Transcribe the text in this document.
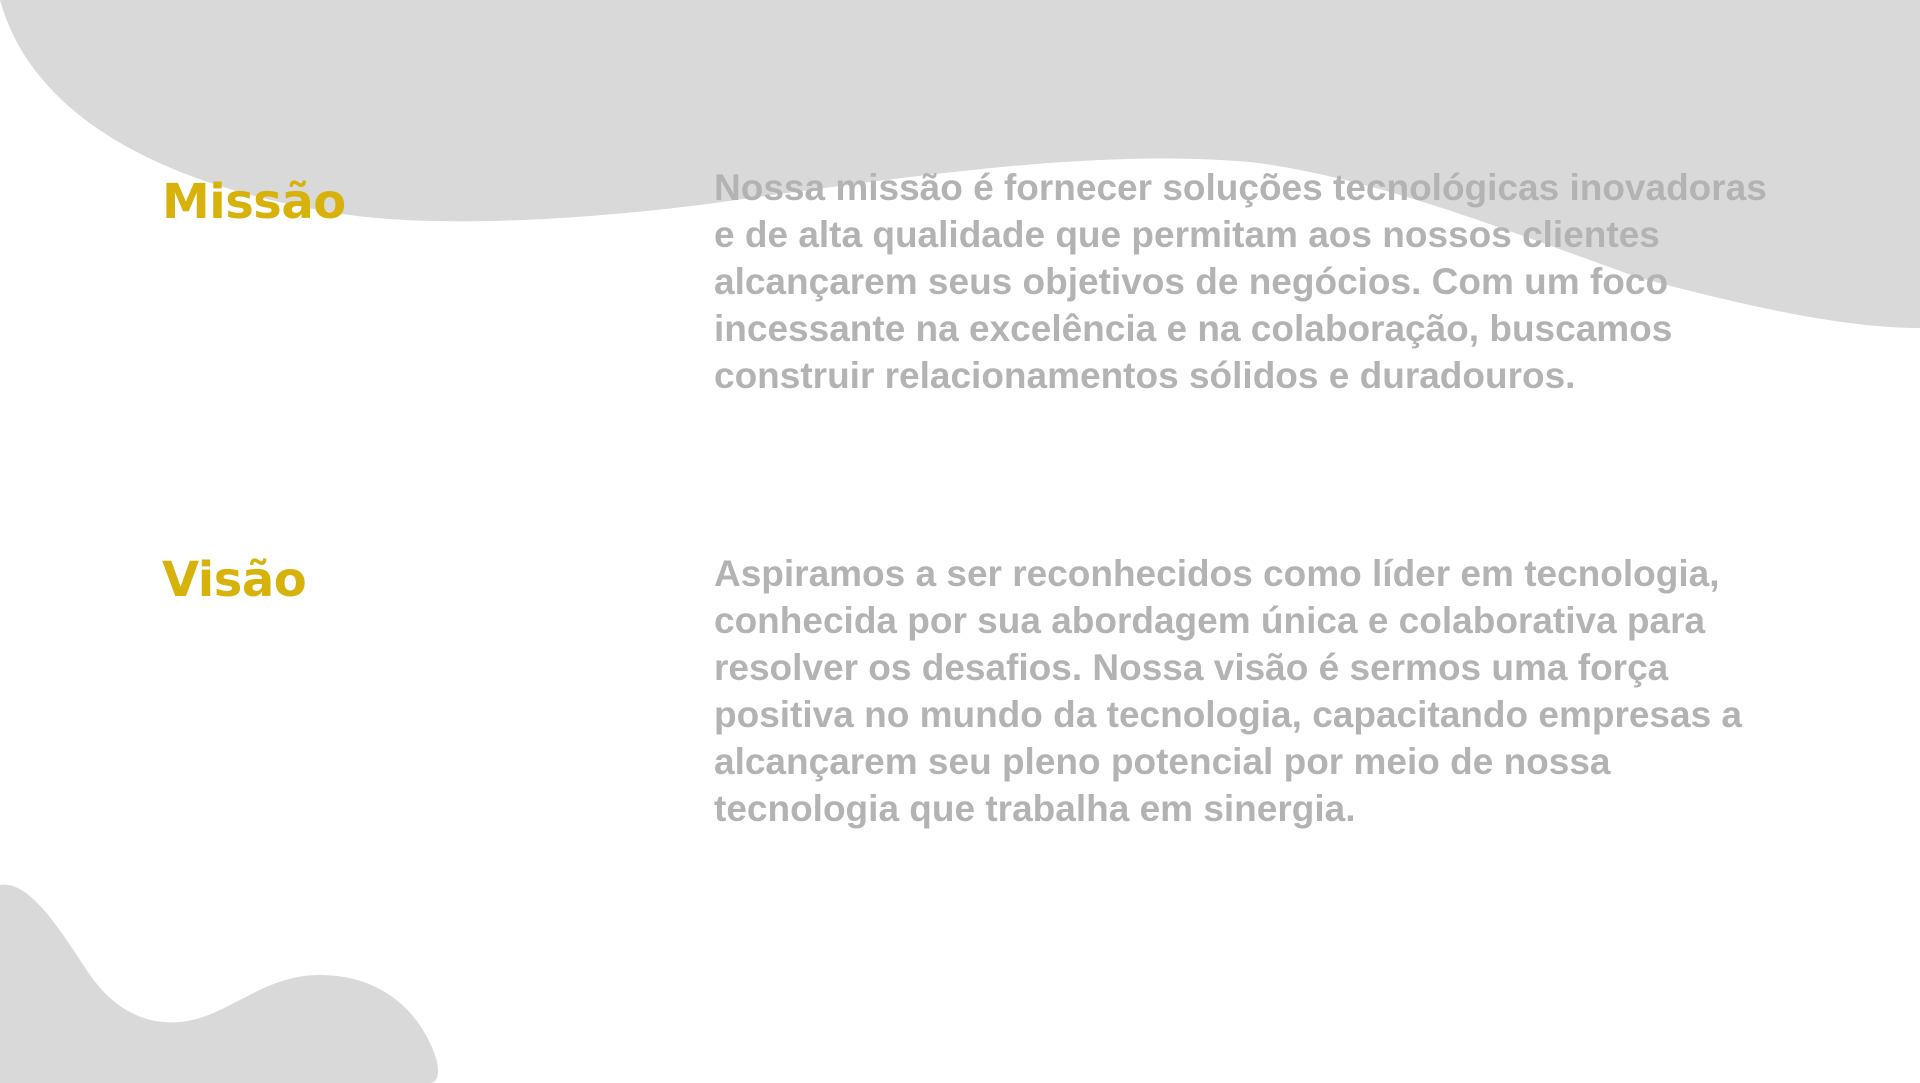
Missão	Nossa missão é fornecer soluções tecnológicas inovadoras e de alta qualidade que permitam aos nossos clientes alcançarem seus objetivos de negócios. Com um foco incessante na excelência e na colaboração, buscamos construir relacionamentos sólidos e duradouros.

Visão	Aspiramos a ser reconhecidos como líder em tecnologia, conhecida por sua abordagem única e colaborativa para resolver os desafios. Nossa visão é sermos uma força positiva no mundo da tecnologia, capacitando empresas a alcançarem seu pleno potencial por meio de nossa tecnologia que trabalha em sinergia.
